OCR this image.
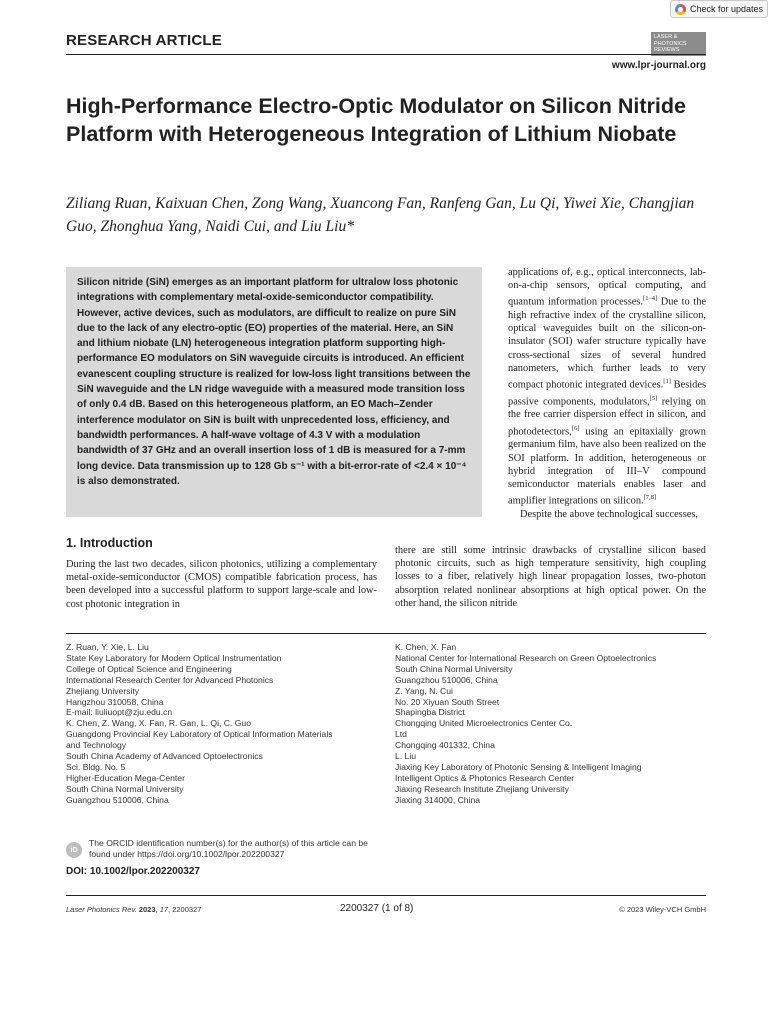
Check for updates
RESEARCH ARTICLE	LASER & PHOTONICS REVIEWS
www.lpr-journal.org
High-Performance Electro-Optic Modulator on Silicon Nitride Platform with Heterogeneous Integration of Lithium Niobate

Ziliang Ruan, Kaixuan Chen, Zong Wang, Xuancong Fan, Ranfeng Gan, Lu Qi, Yiwei Xie, Changjian Guo, Zhonghua Yang, Naidi Cui, and Liu Liu*

Silicon nitride (SiN) emerges as an important platform for ultralow loss photonic integrations with complementary metal-oxide-semiconductor compatibility. However, active devices, such as modulators, are difficult to realize on pure SiN due to the lack of any electro-optic (EO) properties of the material. Here, an SiN and lithium niobate (LN) heterogeneous integration platform supporting high-performance EO modulators on SiN waveguide circuits is introduced. An efficient evanescent coupling structure is realized for low-loss light transitions between the SiN waveguide and the LN ridge waveguide with a measured mode transition loss of only 0.4 dB. Based on this heterogeneous platform, an EO Mach–Zender interference modulator on SiN is built with unprecedented loss, efficiency, and bandwidth performances. A half-wave voltage of 4.3 V with a modulation bandwidth of 37 GHz and an overall insertion loss of 1 dB is measured for a 7-mm long device. Data transmission up to 128 Gb s⁻¹ with a bit-error-rate of <2.4 × 10⁻⁴ is also demonstrated.
applications of, e.g., optical interconnects, lab-on-a-chip sensors, optical computing, and quantum information processes.[1–4] Due to the high refractive index of the crystalline silicon, optical waveguides built on the silicon-on-insulator (SOI) wafer structure typically have cross-sectional sizes of several hundred nanometers, which further leads to very compact photonic integrated devices.[1] Besides passive components, modulators,[5] relying on the free carrier dispersion effect in silicon, and photodetectors,[6] using an epitaxially grown germanium film, have also been realized on the SOI platform. In addition, heterogeneous or hybrid integration of III–V compound semiconductor materials enables laser and amplifier integrations on silicon.[7,8]
Despite the above technological successes,
there are still some intrinsic drawbacks of crystalline silicon based photonic circuits, such as high temperature sensitivity, high coupling losses to a fiber, relatively high linear propagation losses, two-photon absorption related nonlinear absorptions at high optical power. On the other hand, the silicon nitride
1. Introduction
During the last two decades, silicon photonics, utilizing a complementary metal-oxide-semiconductor (CMOS) compatible fabrication process, has been developed into a successful platform to support large-scale and low-cost photonic integration in
Z. Ruan, Y. Xie, L. Liu
State Key Laboratory for Modern Optical Instrumentation
College of Optical Science and Engineering
International Research Center for Advanced Photonics
Zhejiang University
Hangzhou 310058, China
E-mail: liuliuopt@zju.edu.cn
K. Chen, Z. Wang, X. Fan, R. Gan, L. Qi, C. Guo
Guangdong Provincial Key Laboratory of Optical Information Materials
and Technology
South China Academy of Advanced Optoelectronics
Sci. Bldg. No. 5
Higher-Education Mega-Center
South China Normal University
Guangzhou 510006, China
K. Chen, X. Fan
National Center for International Research on Green Optoelectronics
South China Normal University
Guangzhou 510006, China
Z. Yang, N. Cui
No. 20 Xiyuan South Street
Shapingba District
Chongqing United Microelectronics Center Co.
Ltd
Chongqing 401332, China
L. Liu
Jiaxing Key Laboratory of Photonic Sensing & Intelligent Imaging
Intelligent Optics & Photonics Research Center
Jiaxing Research Institute Zhejiang University
Jiaxing 314000, China
iD
The ORCID identification number(s) for the author(s) of this article can be found under https://doi.org/10.1002/lpor.202200327
DOI: 10.1002/lpor.202200327
Laser Photonics Rev. 2023, 17, 2200327	2200327 (1 of 8)	© 2023 Wiley-VCH GmbH
